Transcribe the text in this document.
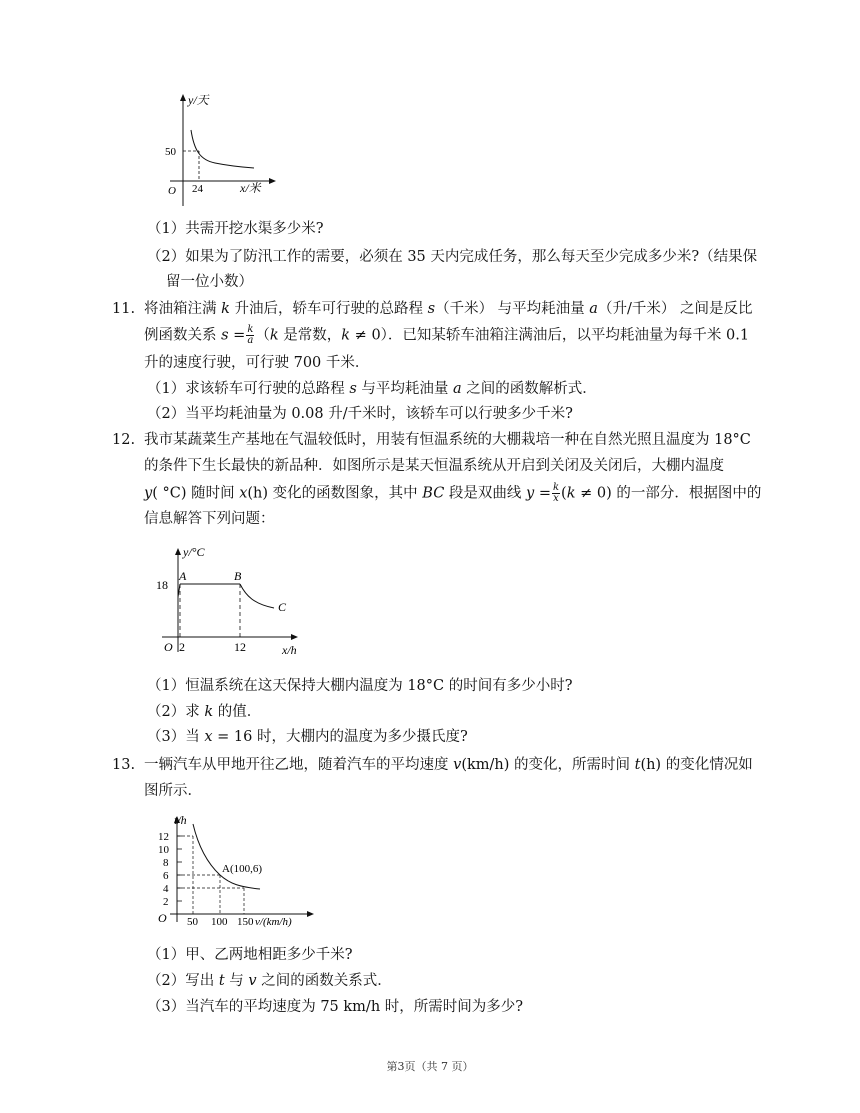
y/天
50
O 24	x/米
（1）共需开挖水渠多少米?
（2）如果为了防汛工作的需要，必须在 35 天内完成任务，那么每天至少完成多少米?（结果保
留一位小数）
11. 将油箱注满 k 升油后，轿车可行驶的总路程 s（千米） 与平均耗油量 a（升/千米） 之间是反比
例函数关系 $s = \frac{k}{a} (k$ 是常数，k ≠ 0）．已知某轿车油箱注满油后，以平均耗油量为每千米 0.1
升的速度行驶，可行驶 700 千米．
（1）求该轿车可行驶的总路程 s 与平均耗油量 a 之间的函数解析式．
（2）当平均耗油量为 0.08 升/千米时，该轿车可以行驶多少千米?
12. 我市某蔬菜生产基地在气温较低时，用装有恒温系统的大棚栽培一种在自然光照且温度为 18°C
的条件下生长最快的新品种．如图所示是某天恒温系统从开启到关闭及关闭后，大棚内温度
y( °C) 随时间 x(h) 变化的函数图象，其中 BC 段是双曲线 $y = \frac{k}{x} (k \ne 0)$ 的一部分．根据图中的
信息解答下列问题：
y/°C
18
A	B
C
O 2	12	x/h
（1）恒温系统在这天保持大棚内温度为 18°C 的时间有多少小时?
（2）求 k 的值．
（3）当 x = 16 时，大棚内的温度为多少摄氏度?
13. 一辆汽车从甲地开往乙地，随着汽车的平均速度 v(km/h) 的变化，所需时间 t(h) 的变化情况如
图所示．
t/h
12
10
8
6
4
2
A(100,6)
O 50 100 150 v/(km/h)
（1）甲、乙两地相距多少千米?
（2）写出 t 与 v 之间的函数关系式．
（3）当汽车的平均速度为 75 km/h 时，所需时间为多少?
第3页（共 7 页）
